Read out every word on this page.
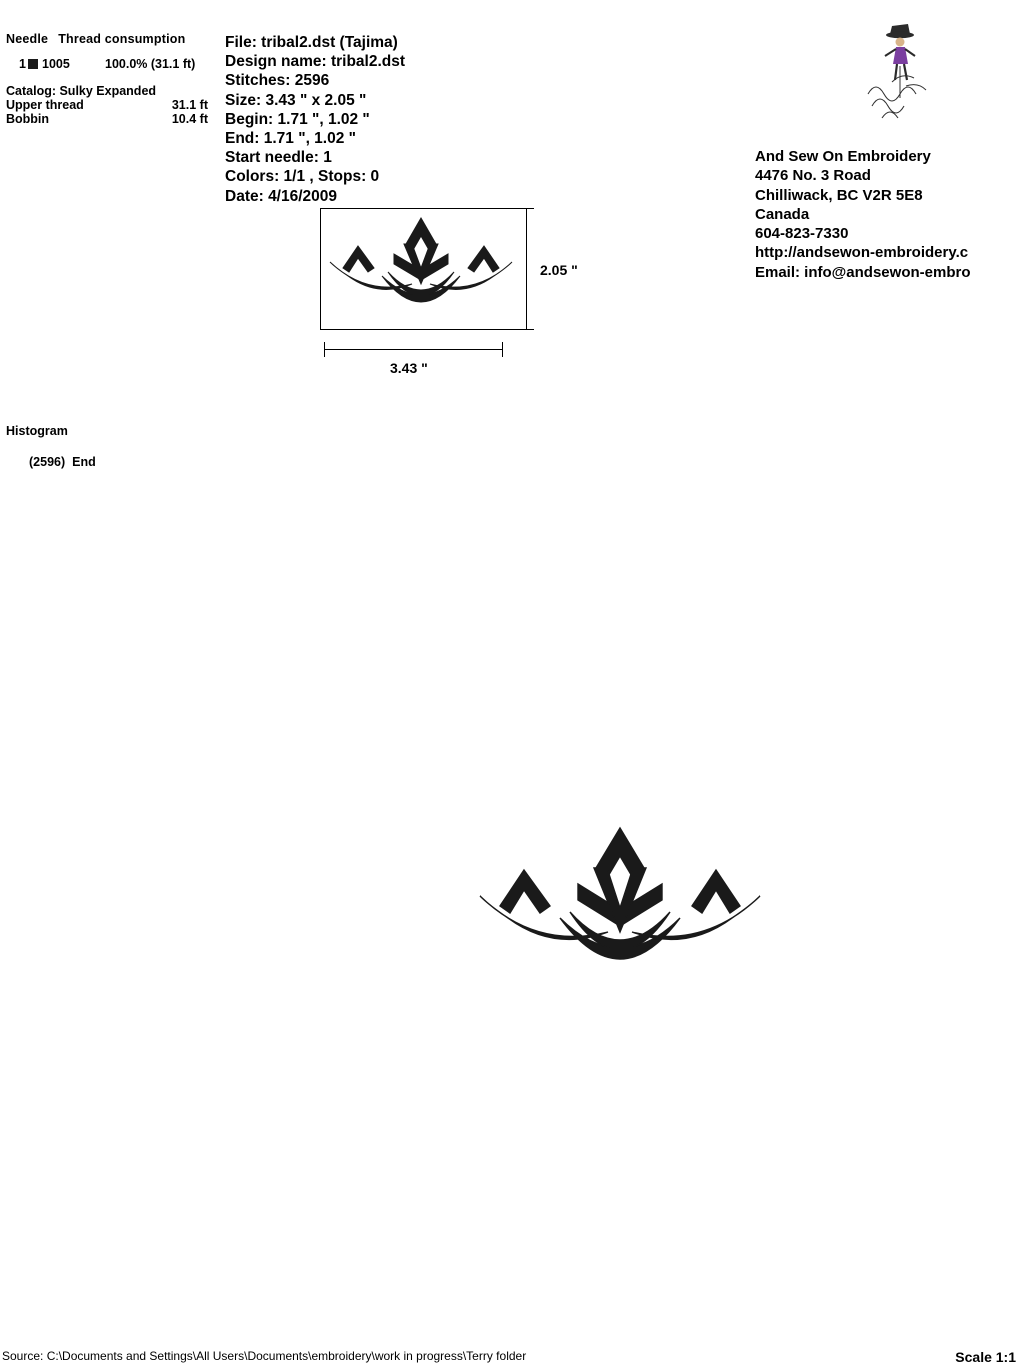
Needle Thread consumption
1 1005	100.0% (31.1 ft)
Catalog: Sulky Expanded
Upper thread	31.1 ft
Bobbin	10.4 ft
File: tribal2.dst (Tajima)
Design name: tribal2.dst
Stitches: 2596
Size: 3.43 " x 2.05 "
Begin: 1.71 ", 1.02 "
End: 1.71 ", 1.02 "
Start needle: 1
Colors: 1/1 , Stops: 0
Date: 4/16/2009
And Sew On Embroidery
4476 No. 3 Road
Chilliwack, BC V2R 5E8
Canada
604-823-7330
http://andsewon-embroidery.c
Email: info@andsewon-embro
2.05 "
3.43 "
Histogram
(2596) End
Source: C:\Documents and Settings\All Users\Documents\embroidery\work in progress\Terry folder	Scale 1:1
